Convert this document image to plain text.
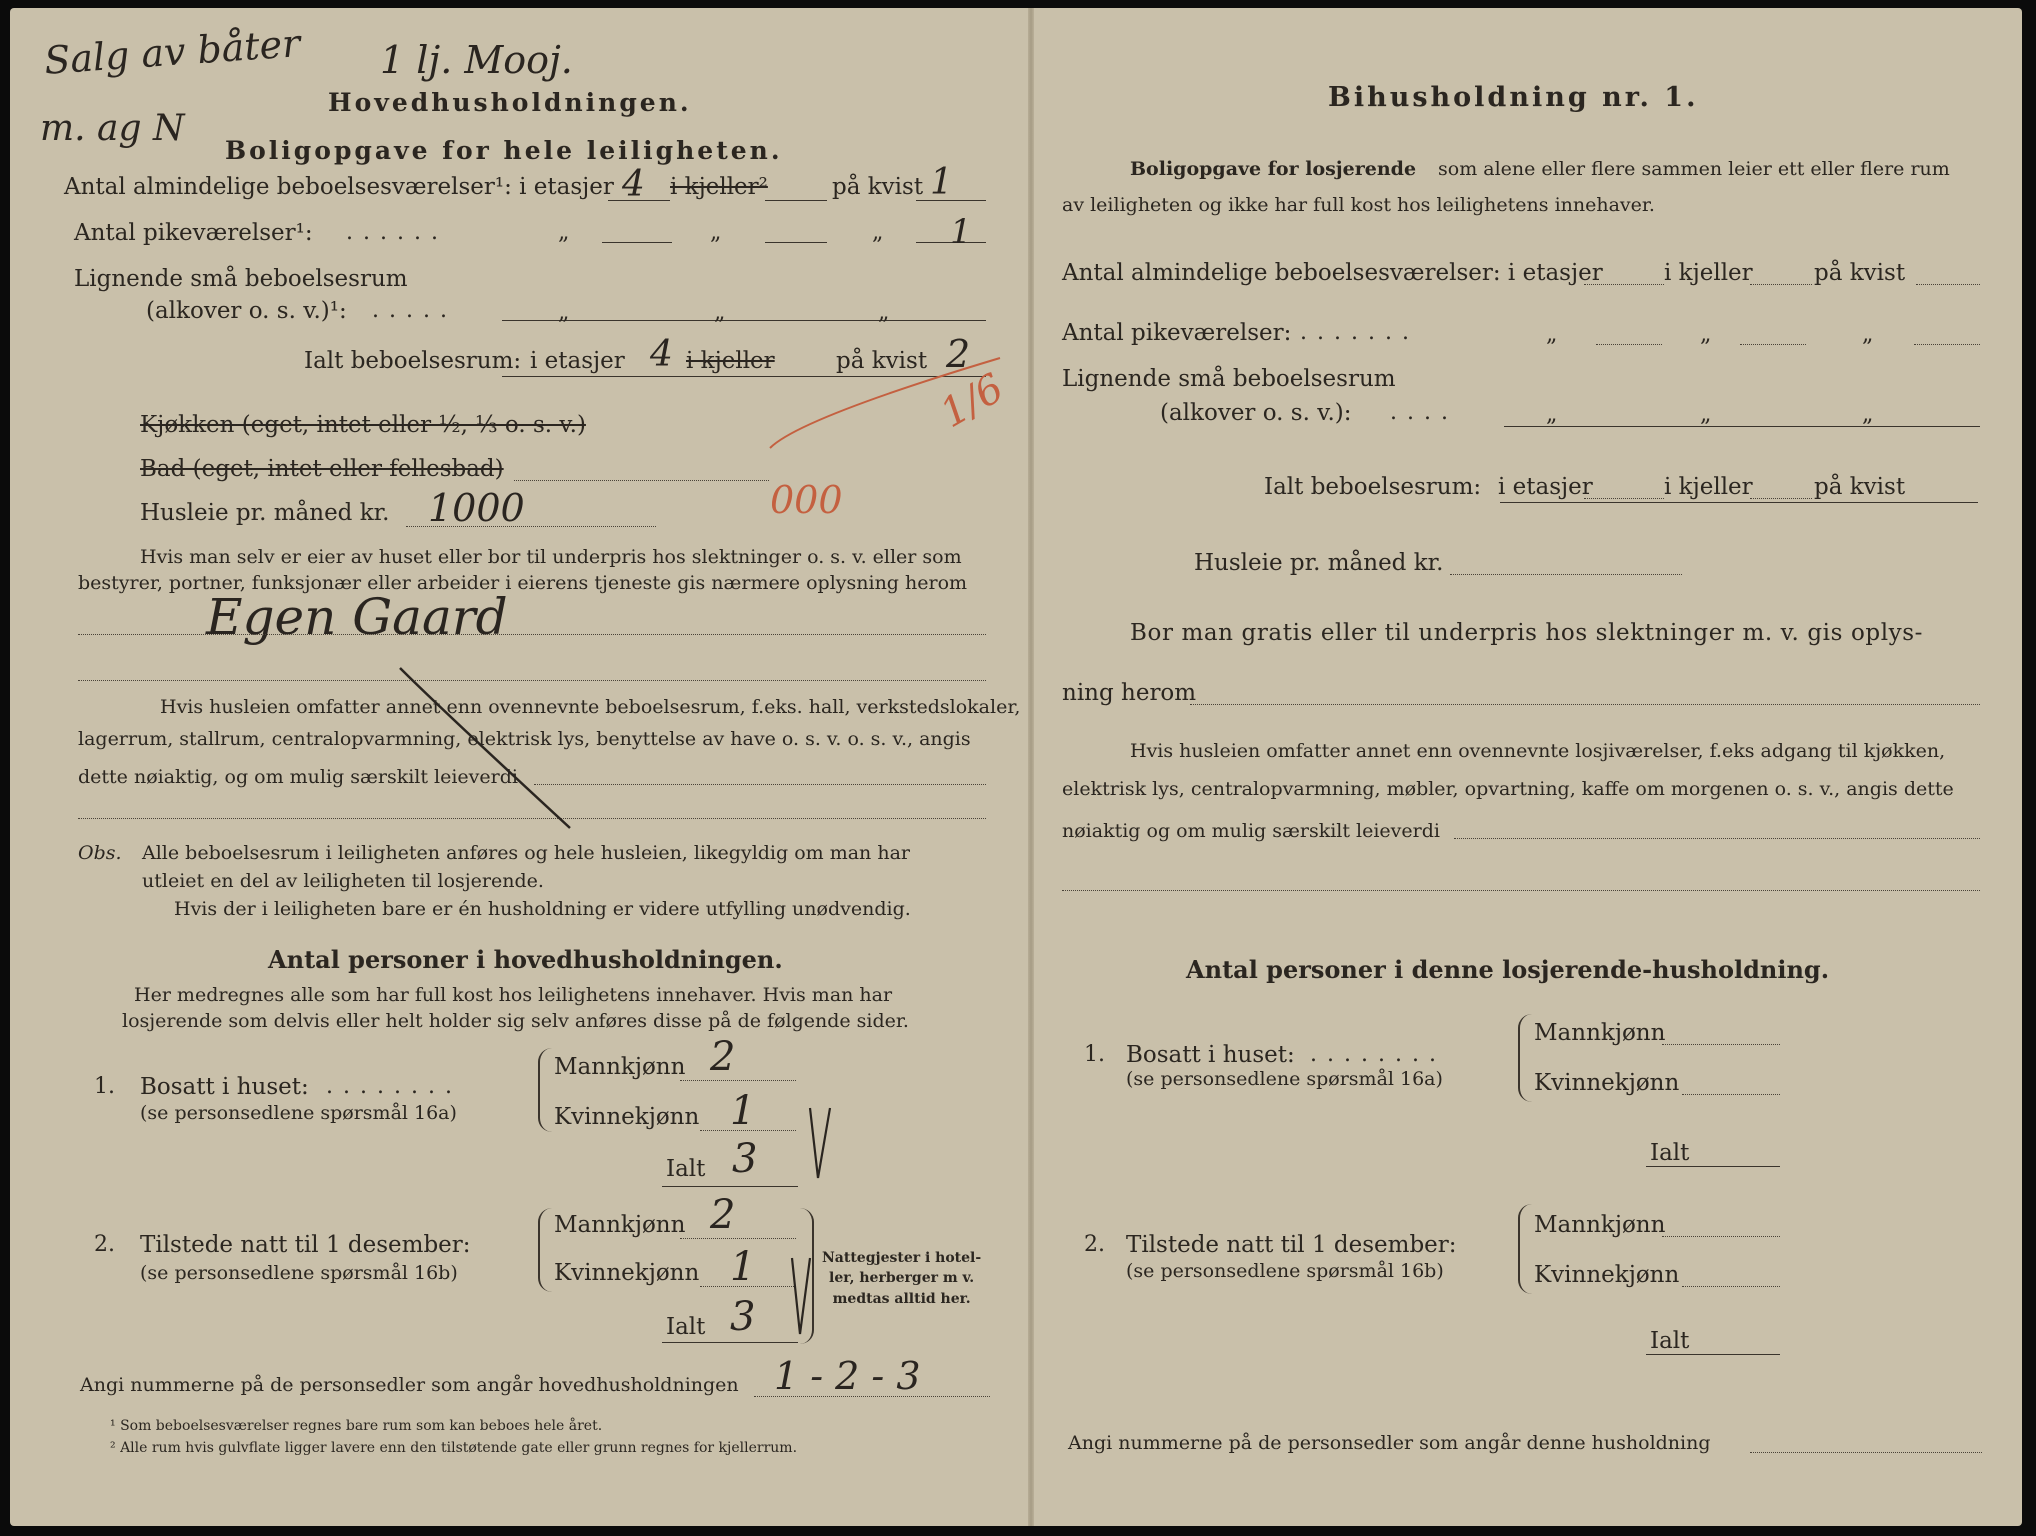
Salg av båter 1 lj. Mooj.
m. ag N
Hovedhusholdningen.
Boligopgave for hele leiligheten.
Antal almindelige beboelsesværelser¹: i etasjer 4 i kjeller²	på kvist 1
Antal pikeværelser¹: ......	„	„	„ 1
Lignende små beboelsesrum
(alkover o. s. v.)¹: .....	„	„	„
Ialt beboelsesrum: i etasjer 4 i kjeller	på kvist 2
1/6
Kjøkken (eget, intet eller ½, ⅓ o. s. v.)
Bad (eget, intet eller fellesbad)
Husleie pr. måned kr. 1000	000
Hvis man selv er eier av huset eller bor til underpris hos slektninger o. s. v. eller som
bestyrer, portner, funksjonær eller arbeider i eierens tjeneste gis nærmere oplysning herom
Egen Gaard
Hvis husleien omfatter annet enn ovennevnte beboelsesrum, f.eks. hall, verkstedslokaler,
lagerrum, stallrum, centralopvarmning, elektrisk lys, benyttelse av have o. s. v. o. s. v., angis
dette nøiaktig, og om mulig særskilt leieverdi
Obs. Alle beboelsesrum i leiligheten anføres og hele husleien, likegyldig om man har
utleiet en del av leiligheten til losjerende.
Hvis der i leiligheten bare er én husholdning er videre utfylling unødvendig.
Antal personer i hovedhusholdningen.
Her medregnes alle som har full kost hos leilighetens innehaver. Hvis man har
losjerende som delvis eller helt holder sig selv anføres disse på de følgende sider.
1. Bosatt i huset: ........
(se personsedlene spørsmål 16a)
Mannkjønn 2
Kvinnekjønn 1
Ialt 3
2. Tilstede natt til 1 desember:
(se personsedlene spørsmål 16b)
Mannkjønn 2
Kvinnekjønn 1
Ialt 3
Nattegjester i hotel-
ler, herberger m v.
medtas alltid her.
Angi nummerne på de personsedler som angår hovedhusholdningen 1 - 2 - 3
¹ Som beboelsesværelser regnes bare rum som kan beboes hele året.
² Alle rum hvis gulvflate ligger lavere enn den tilstøtende gate eller grunn regnes for kjellerrum.
Bihusholdning nr. 1.
Boligopgave for losjerende som alene eller flere sammen leier ett eller flere rum
av leiligheten og ikke har full kost hos leilighetens innehaver.
Antal almindelige beboelsesværelser: i etasjer	i kjeller	på kvist
Antal pikeværelser: .......	„	„	„
Lignende små beboelsesrum
(alkover o. s. v.): ....	„	„	„
Ialt beboelsesrum: i etasjer	i kjeller	på kvist
Husleie pr. måned kr.
Bor man gratis eller til underpris hos slektninger m. v. gis oplys-
ning herom
Hvis husleien omfatter annet enn ovennevnte losjiværelser, f.eks adgang til kjøkken,
elektrisk lys, centralopvarmning, møbler, opvartning, kaffe om morgenen o. s. v., angis dette
nøiaktig og om mulig særskilt leieverdi
Antal personer i denne losjerende-husholdning.
1. Bosatt i huset: ........
(se personsedlene spørsmål 16a)
Mannkjønn
Kvinnekjønn
Ialt
2. Tilstede natt til 1 desember:
(se personsedlene spørsmål 16b)
Mannkjønn
Kvinnekjønn
Ialt
Angi nummerne på de personsedler som angår denne husholdning
